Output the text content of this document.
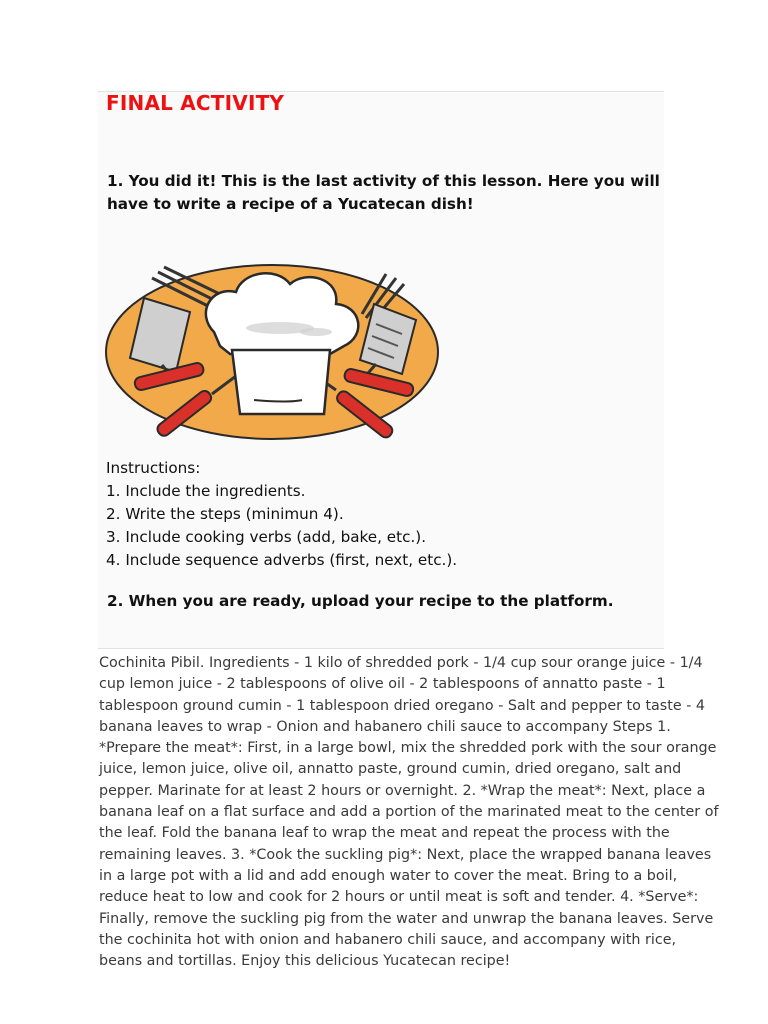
FINAL ACTIVITY
1. You did it! This is the last activity of this lesson. Here you will have to write a recipe of a Yucatecan dish!
Instructions:
1. Include the ingredients.
2. Write the steps (minimun 4).
3. Include cooking verbs (add, bake, etc.).
4. Include sequence adverbs (first, next, etc.).
2. When you are ready, upload your recipe to the platform.
Cochinita Pibil. Ingredients - 1 kilo of shredded pork - 1/4 cup sour orange juice - 1/4 cup lemon juice - 2 tablespoons of olive oil - 2 tablespoons of annatto paste - 1 tablespoon ground cumin - 1 tablespoon dried oregano - Salt and pepper to taste - 4 banana leaves to wrap - Onion and habanero chili sauce to accompany Steps 1. *Prepare the meat*: First, in a large bowl, mix the shredded pork with the sour orange juice, lemon juice, olive oil, annatto paste, ground cumin, dried oregano, salt and pepper. Marinate for at least 2 hours or overnight. 2. *Wrap the meat*: Next, place a banana leaf on a flat surface and add a portion of the marinated meat to the center of the leaf. Fold the banana leaf to wrap the meat and repeat the process with the remaining leaves. 3. *Cook the suckling pig*: Next, place the wrapped banana leaves in a large pot with a lid and add enough water to cover the meat. Bring to a boil, reduce heat to low and cook for 2 hours or until meat is soft and tender. 4. *Serve*: Finally, remove the suckling pig from the water and unwrap the banana leaves. Serve the cochinita hot with onion and habanero chili sauce, and accompany with rice, beans and tortillas. Enjoy this delicious Yucatecan recipe!
